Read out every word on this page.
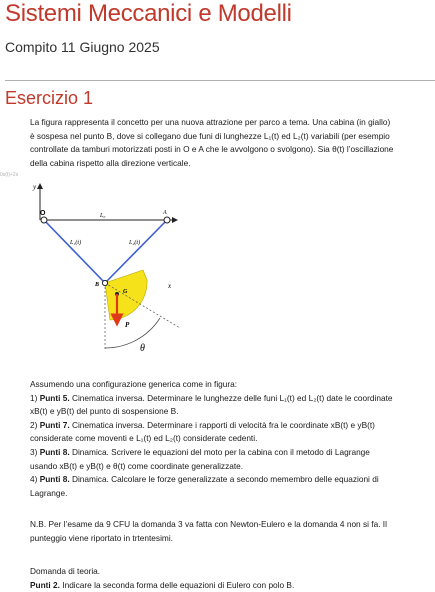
Sistemi Meccanici e Modelli
Compito 11 Giugno 2025
Esercizio 1

La figura rappresenta il concetto per una nuova attrazione per parco a tema. Una cabina (in giallo)
è sospesa nel punto B, dove si collegano due funi di lunghezze L₁(t) ed L₂(t) variabili (per esempio
controllate da tamburi motorizzati posti in O e A che le avvolgono o svolgono). Sia θ(t) l’oscillazione
della cabina rispetto alla direzione verticale.

0s(t)+2s
y
O	A
L₀
L₁(t)	L₂(t)
B
G
P
x
θ

Assumendo una configurazione generica come in figura:
1) Punti 5. Cinematica inversa. Determinare le lunghezze delle funi L₁(t) ed L₂(t) date le coordinate
xB(t) e yB(t) del punto di sospensione B.
2) Punti 7. Cinematica inversa. Determinare i rapporti di velocità fra le coordinate xB(t) e yB(t)
considerate come moventi e L₁(t) ed L₂(t) considerate cedenti.
3) Punti 8. Dinamica. Scrivere le equazioni del moto per la cabina con il metodo di Lagrange
usando xB(t) e yB(t) e θ(t) come coordinate generalizzate.
4) Punti 8. Dinamica. Calcolare le forze generalizzate a secondo memembro delle equazioni di
Lagrange.

N.B. Per l’esame da 9 CFU la domanda 3 va fatta con Newton-Eulero e la domanda 4 non si fa. Il
punteggio viene riportato in trtentesimi.

Domanda di teoria.
Punti 2. Indicare la seconda forma delle equazioni di Eulero con polo B.
